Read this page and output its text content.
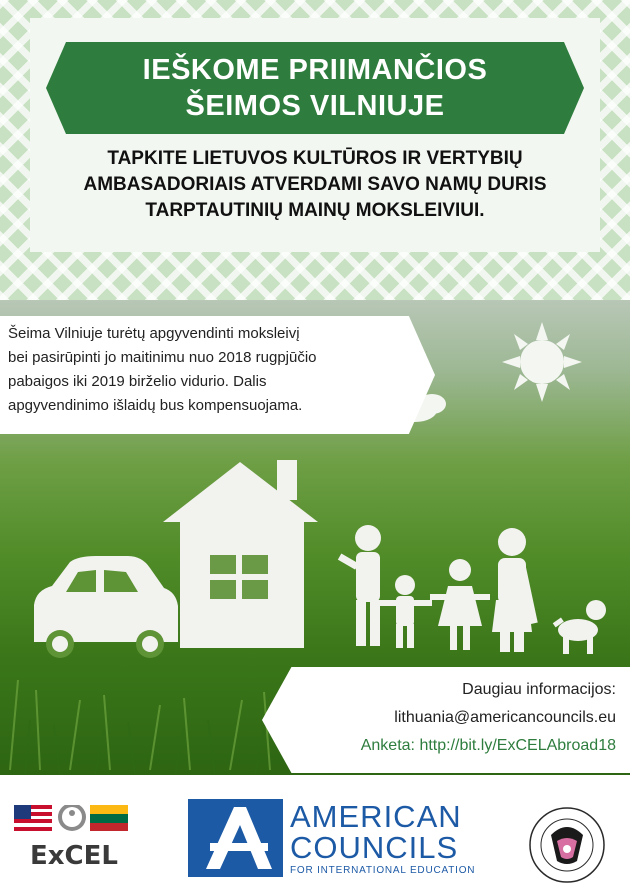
IEŠKOME PRIIMANČIOS
ŠEIMOS VILNIUJE
TAPKITE LIETUVOS KULTŪROS IR VERTYBIŲ
AMBASADORIAIS ATVERDAMI SAVO NAMŲ DURIS
TARPTAUTINIŲ MAINŲ MOKSLEIVIUI.
Šeima Vilniuje turėtų apgyvendinti moksleivį
bei pasirūpinti jo maitinimu nuo 2018 rugpjūčio
pabaigos iki 2019 birželio vidurio. Dalis
apgyvendinimo išlaidų bus kompensuojama.
Daugiau informacijos:
lithuania@americancouncils.eu
Anketa: http://bit.ly/ExCELAbroad18
ExCEL
AMERICAN
COUNCILS
FOR INTERNATIONAL EDUCATION
